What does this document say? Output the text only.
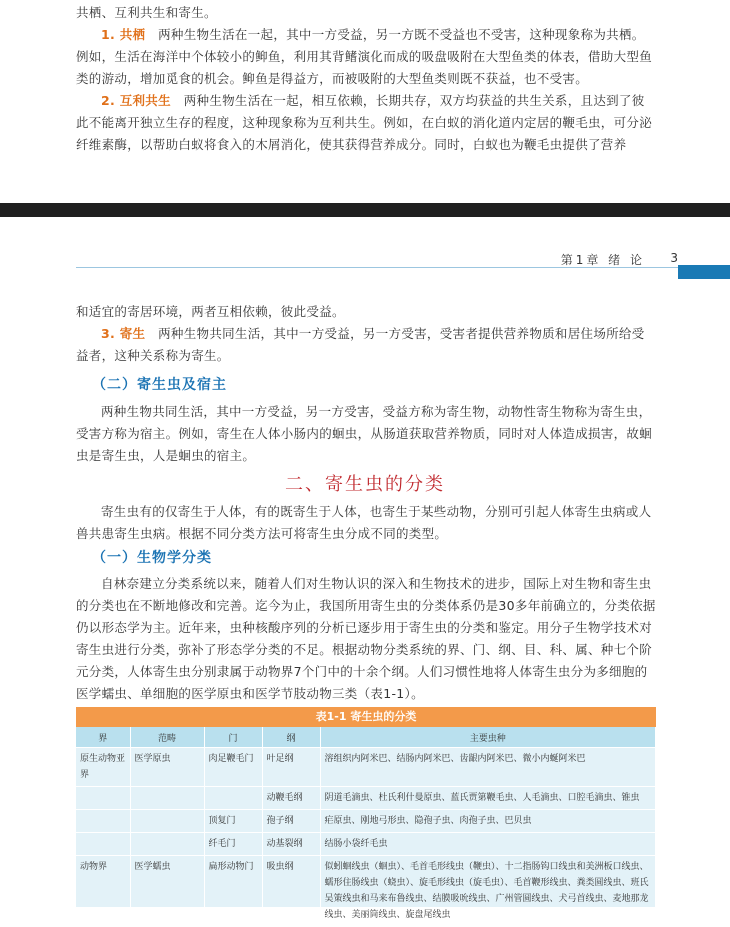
共栖、互利共生和寄生。

1. 共栖　 两种生物生活在一起，其中一方受益，另一方既不受益也不受害，这种现象称为共栖。例如，生活在海洋中个体较小的䲟鱼，利用其背鳍演化而成的吸盘吸附在大型鱼类的体表，借助大型鱼类的游动，增加觅食的机会。䲟鱼是得益方，而被吸附的大型鱼类则既不获益，也不受害。

2. 互利共生　 两种生物生活在一起，相互依赖，长期共存，双方均获益的共生关系，且达到了彼此不能离开独立生存的程度，这种现象称为互利共生。例如，在白蚁的消化道内定居的鞭毛虫，可分泌纤维素酶，以帮助白蚁将食入的木屑消化，使其获得营养成分。同时，白蚁也为鞭毛虫提供了营养

第1章 绪 论 3

和适宜的寄居环境，两者互相依赖，彼此受益。

3. 寄生　 两种生物共同生活，其中一方受益，另一方受害，受害者提供营养物质和居住场所给受益者，这种关系称为寄生。

（二）寄生虫及宿主

两种生物共同生活，其中一方受益，另一方受害，受益方称为寄生物，动物性寄生物称为寄生虫，受害方称为宿主。例如，寄生在人体小肠内的蛔虫，从肠道获取营养物质，同时对人体造成损害，故蛔虫是寄生虫，人是蛔虫的宿主。

二、寄生虫的分类

寄生虫有的仅寄生于人体，有的既寄生于人体，也寄生于某些动物，分别可引起人体寄生虫病或人兽共患寄生虫病。根据不同分类方法可将寄生虫分成不同的类型。

（一）生物学分类

自林奈建立分类系统以来，随着人们对生物认识的深入和生物技术的进步，国际上对生物和寄生虫的分类也在不断地修改和完善。迄今为止，我国所用寄生虫的分类体系仍是30多年前确立的，分类依据仍以形态学为主。近年来，虫种核酸序列的分析已逐步用于寄生虫的分类和鉴定。用分子生物学技术对寄生虫进行分类，弥补了形态学分类的不足。根据动物分类系统的界、门、纲、目、科、属、种七个阶元分类，人体寄生虫分别隶属于动物界7个门中的十余个纲。人们习惯性地将人体寄生虫分为多细胞的医学蠕虫、单细胞的医学原虫和医学节肢动物三类（表1-1）。

表1-1 寄生虫的分类
界	范畴	门	纲	主要虫种
原生动物亚界	医学原虫	肉足鞭毛门	叶足纲	溶组织内阿米巴、结肠内阿米巴、齿龈内阿米巴、微小内蜒阿米巴
			动鞭毛纲	阴道毛滴虫、杜氏利什曼原虫、蓝氏贾第鞭毛虫、人毛滴虫、口腔毛滴虫、锥虫
		顶复门	孢子纲	疟原虫、刚地弓形虫、隐孢子虫、肉孢子虫、巴贝虫
		纤毛门	动基裂纲	结肠小袋纤毛虫
动物界	医学蠕虫	扁形动物门	吸虫纲	似蚓蛔线虫（蛔虫）、毛首毛形线虫（鞭虫）、十二指肠钩口线虫和美洲板口线虫、蠕形住肠线虫（蛲虫）、旋毛形线虫（旋毛虫）、毛首鞭形线虫、粪类圆线虫、班氏吴策线虫和马来布鲁线虫、结膜吸吮线虫、广州管圆线虫、犬弓首线虫、麦地那龙线虫、美丽筒线虫、旋盘尾线虫
